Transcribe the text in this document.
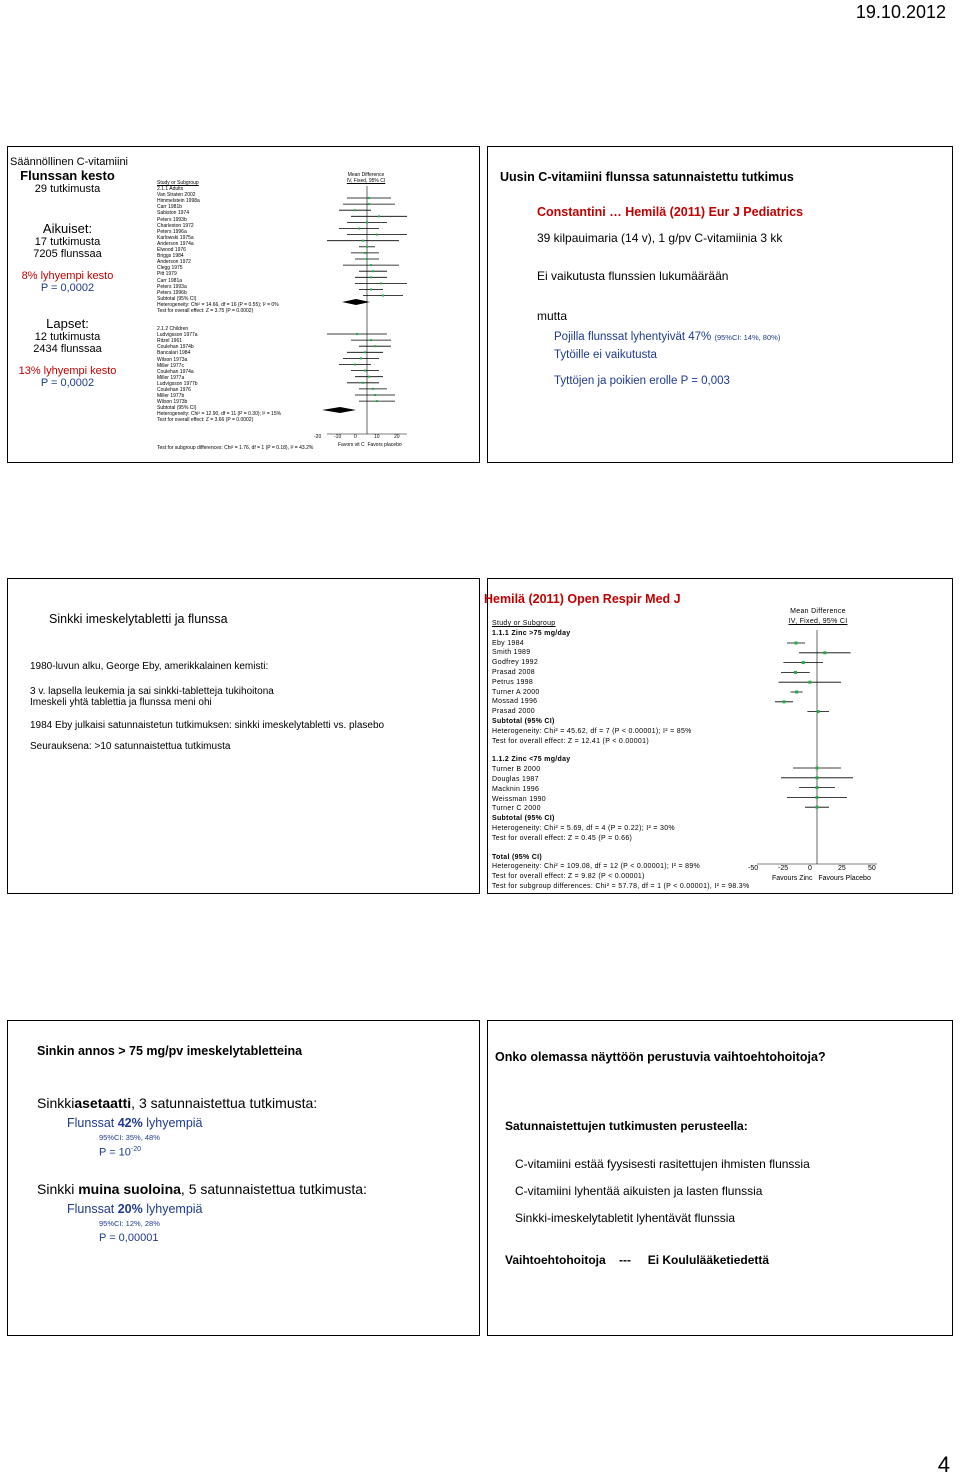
19.10.2012
4
Säännöllinen C-vitamiini
Flunssan kesto
29 tutkimusta
Aikuiset:
17 tutkimusta
7205 flunssaa
8% lyhyempi kesto
P = 0,0002
Lapset:
12 tutkimusta
2434 flunssaa
13% lyhyempi kesto
P = 0,0002
Study or Subgroup
2.1.1 Adults
Van Straten 2002
Himmelstein 1998a
Carr 1981b
Sabiston 1974
Peters 1993b
Charleston 1972
Peters 1996a
Karlowski 1975a
Anderson 1974a
Elwood 1976
Briggs 1984
Anderson 1972
Clegg 1975
Pitt 1979
Carr 1981a
Peters 1993a
Peters 1996b
Subtotal (95% CI)
Heterogeneity: Chi² = 14.66, df = 16 (P = 0.55); I² = 0%
Test for overall effect: Z = 3.75 (P = 0.0002)
2.1.2 Children
Ludvigsson 1977a
Ritzel 1961
Coulehan 1974b
Bancalari 1984
Wilson 1973a
Miller 1977c
Coulehan 1974a
Miller 1977a
Ludvigsson 1977b
Coulehan 1976
Miller 1977b
Wilson 1973b
Subtotal (95% CI)
Heterogeneity: Chi² = 12.90, df = 11 (P = 0.30); I² = 15%
Test for overall effect: Z = 3.66 (P = 0.0002)
Test for subgroup differences: Chi² = 1.76, df = 1 (P = 0.18), I² = 43.2%
Mean Difference
IV, Fixed, 95% CI
-20	-10	0	10	20
Favors vit C Favors placebo
Uusin C-vitamiini flunssa satunnaistettu tutkimus
Constantini … Hemilä (2011) Eur J Pediatrics
39 kilpauimaria (14 v), 1 g/pv C-vitamiinia 3 kk
Ei vaikutusta flunssien lukumäärään
mutta
Pojilla flunssat lyhentyivät 47% (95%CI: 14%, 80%)
Tytöille ei vaikutusta
Tyttöjen ja poikien erolle P = 0,003
Sinkki imeskelytabletti ja flunssa
1980-luvun alku, George Eby, amerikkalainen kemisti:
3 v. lapsella leukemia ja sai sinkki-tabletteja tukihoitona
Imeskeli yhtä tablettia ja flunssa meni ohi
1984 Eby julkaisi satunnaistetun tutkimuksen: sinkki imeskelytabletti vs. plasebo
Seurauksena: >10 satunnaistettua tutkimusta
Hemilä (2011) Open Respir Med J
Study or Subgroup
1.1.1 Zinc >75 mg/day
Eby 1984
Smith 1989
Godfrey 1992
Prasad 2008
Petrus 1998
Turner A 2000
Mossad 1996
Prasad 2000
Subtotal (95% CI)
Heterogeneity: Chi² = 45.62, df = 7 (P < 0.00001); I² = 85%
Test for overall effect: Z = 12.41 (P < 0.00001)
1.1.2 Zinc <75 mg/day
Turner B 2000
Douglas 1987
Macknin 1996
Weissman 1990
Turner C 2000
Subtotal (95% CI)
Heterogeneity: Chi² = 5.69, df = 4 (P = 0.22); I² = 30%
Test for overall effect: Z = 0.45 (P = 0.66)
Total (95% CI)
Heterogeneity: Chi² = 109.08, df = 12 (P < 0.00001); I² = 89%
Test for overall effect: Z = 9.82 (P < 0.00001)
Test for subgroup differences: Chi² = 57.78, df = 1 (P < 0.00001), I² = 98.3%
Mean Difference
IV, Fixed, 95% CI
-50	-25	0	25	50
Favours Zinc Favours Placebo
Sinkin annos > 75 mg/pv imeskelytabletteina
Sinkkiasetaatti, 3 satunnaistettua tutkimusta:
Flunssat 42% lyhyempiä
95%CI: 35%, 48%
$P = 10^{-20}$
Sinkki muina suoloina, 5 satunnaistettua tutkimusta:
Flunssat 20% lyhyempiä
95%CI: 12%, 28%
P = 0,00001
Onko olemassa näyttöön perustuvia vaihtoehtohoitoja?
Satunnaistettujen tutkimusten perusteella:
C-vitamiini estää fyysisesti rasitettujen ihmisten flunssia
C-vitamiini lyhentää aikuisten ja lasten flunssia
Sinkki-imeskelytabletit lyhentävät flunssia
Vaihtoehtohoitoja --- Ei Koululääketiedettä
